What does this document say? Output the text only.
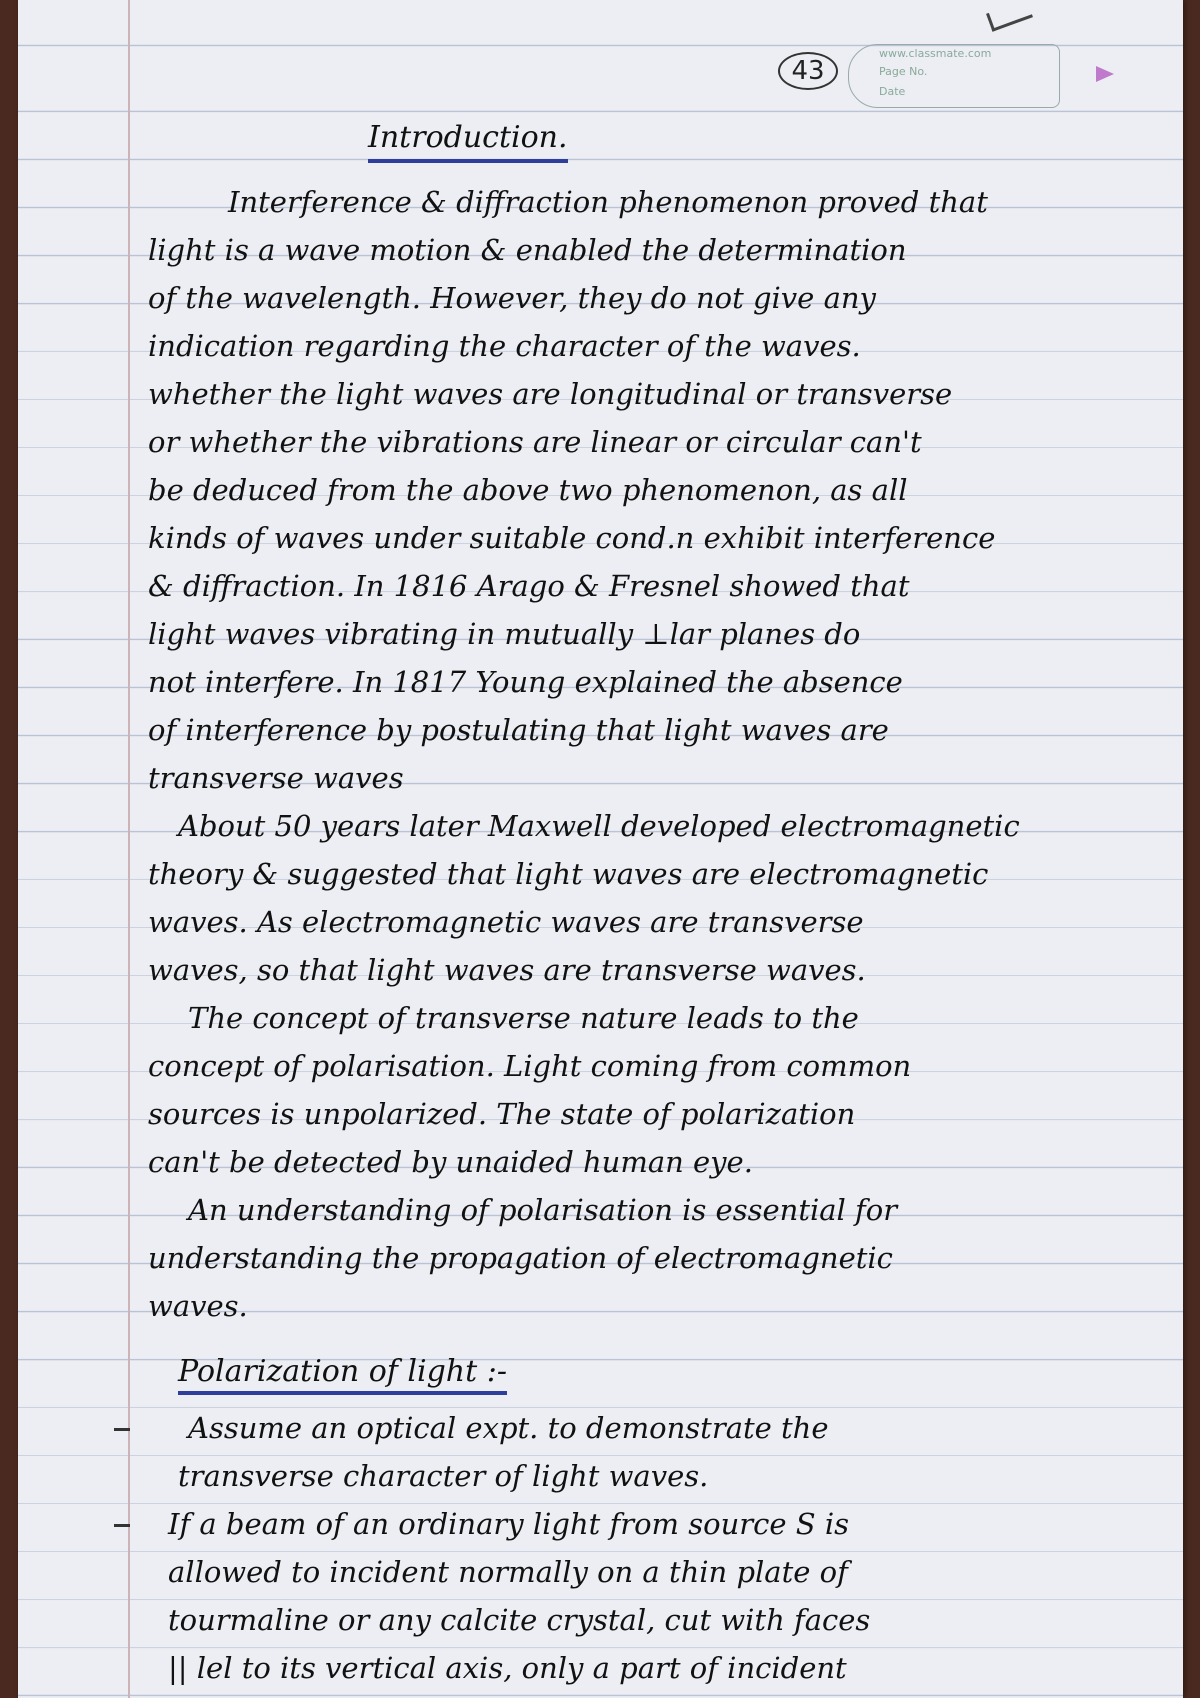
43
www.classmate.com
Page No.
Date
Introduction.
Interference & diffraction phenomenon proved that
light is a wave motion & enabled the determination
of the wavelength. However, they do not give any
indication regarding the character of the waves.
whether the light waves are longitudinal or transverse
or whether the vibrations are linear or circular can't
be deduced from the above two phenomenon, as all
kinds of waves under suitable cond.n exhibit interference
& diffraction. In 1816 Arago & Fresnel showed that
light waves vibrating in mutually ⊥lar planes do
not interfere. In 1817 Young explained the absence
of interference by postulating that light waves are
transverse waves
About 50 years later Maxwell developed electromagnetic
theory & suggested that light waves are electromagnetic
waves. As electromagnetic waves are transverse
waves, so that light waves are transverse waves.
The concept of transverse nature leads to the
concept of polarisation. Light coming from common
sources is unpolarized. The state of polarization
can't be detected by unaided human eye.
An understanding of polarisation is essential for
understanding the propagation of electromagnetic
waves.
Polarization of light :-
Assume an optical expt. to demonstrate the
transverse character of light waves.
If a beam of an ordinary light from source S is
allowed to incident normally on a thin plate of
tourmaline or any calcite crystal, cut with faces
|| lel to its vertical axis, only a part of incident
